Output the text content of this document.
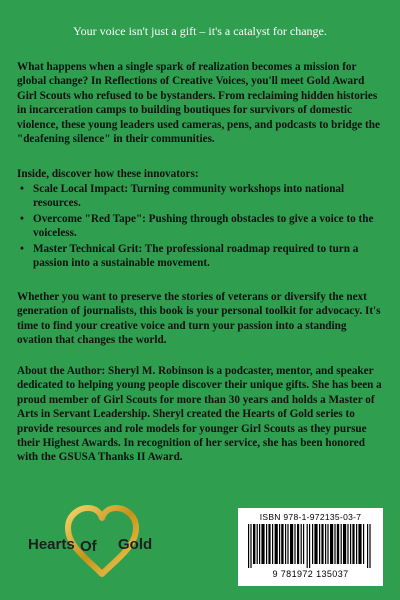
Your voice isn't just a gift – it's a catalyst for change.
What happens when a single spark of realization becomes a mission for global change? In Reflections of Creative Voices, you'll meet Gold Award Girl Scouts who refused to be bystanders. From reclaiming hidden histories in incarceration camps to building boutiques for survivors of domestic violence, these young leaders used cameras, pens, and podcasts to bridge the "deafening silence" in their communities.
Inside, discover how these innovators:
• Scale Local Impact: Turning community workshops into national resources.
• Overcome "Red Tape": Pushing through obstacles to give a voice to the voiceless.
• Master Technical Grit: The professional roadmap required to turn a passion into a sustainable movement.
Whether you want to preserve the stories of veterans or diversify the next generation of journalists, this book is your personal toolkit for advocacy. It's time to find your creative voice and turn your passion into a standing ovation that changes the world.
About the Author: Sheryl M. Robinson is a podcaster, mentor, and speaker dedicated to helping young people discover their unique gifts. She has been a proud member of Girl Scouts for more than 30 years and holds a Master of Arts in Servant Leadership. Sheryl created the Hearts of Gold series to provide resources and role models for younger Girl Scouts as they pursue their Highest Awards. In recognition of her service, she has been honored with the GSUSA Thanks II Award.
Hearts Of Gold
ISBN 978-1-972135-03-7
9 781972 135037
